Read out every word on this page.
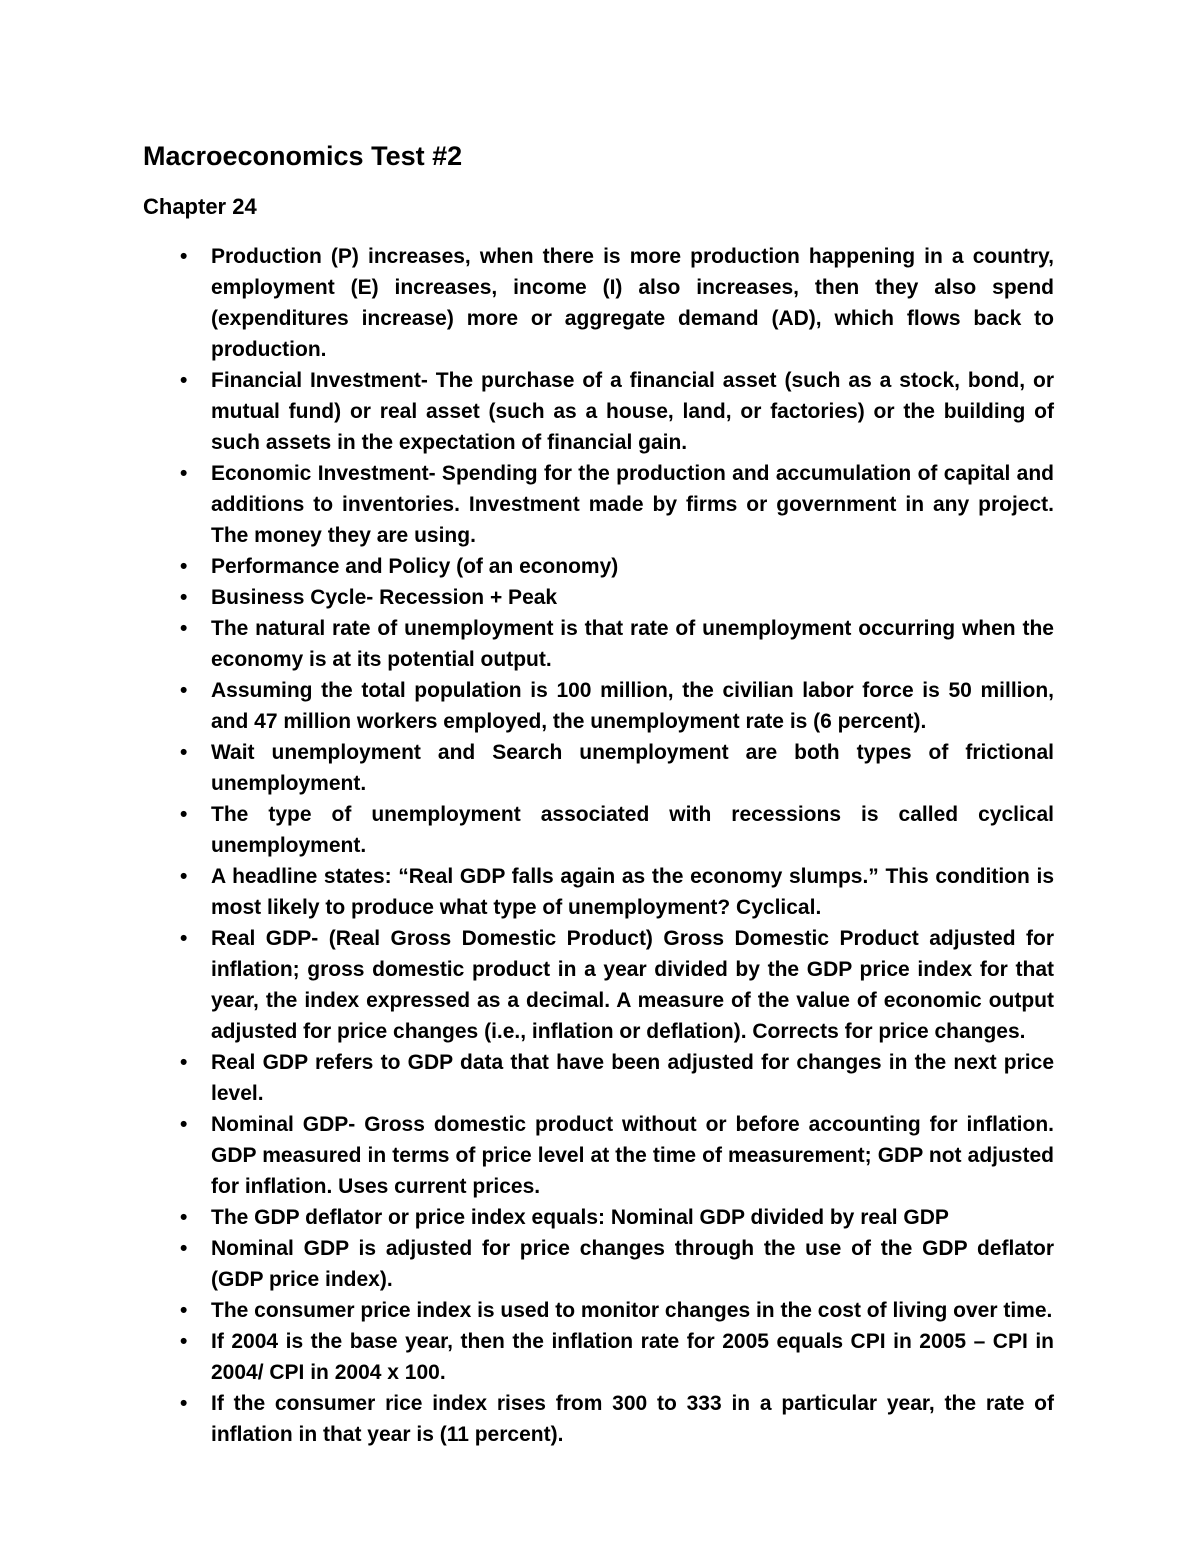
Macroeconomics Test #2
Chapter 24
• Production (P) increases, when there is more production happening in a country, employment (E) increases, income (I) also increases, then they also spend (expenditures increase) more or aggregate demand (AD), which flows back to production.
• Financial Investment- The purchase of a financial asset (such as a stock, bond, or mutual fund) or real asset (such as a house, land, or factories) or the building of such assets in the expectation of financial gain.
• Economic Investment- Spending for the production and accumulation of capital and additions to inventories. Investment made by firms or government in any project. The money they are using.
• Performance and Policy (of an economy)
• Business Cycle- Recession + Peak
• The natural rate of unemployment is that rate of unemployment occurring when the economy is at its potential output.
• Assuming the total population is 100 million, the civilian labor force is 50 million, and 47 million workers employed, the unemployment rate is (6 percent).
• Wait unemployment and Search unemployment are both types of frictional unemployment.
• The type of unemployment associated with recessions is called cyclical unemployment.
• A headline states: “Real GDP falls again as the economy slumps.” This condition is most likely to produce what type of unemployment? Cyclical.
• Real GDP- (Real Gross Domestic Product) Gross Domestic Product adjusted for inflation; gross domestic product in a year divided by the GDP price index for that year, the index expressed as a decimal. A measure of the value of economic output adjusted for price changes (i.e., inflation or deflation). Corrects for price changes.
• Real GDP refers to GDP data that have been adjusted for changes in the next price level.
• Nominal GDP- Gross domestic product without or before accounting for inflation. GDP measured in terms of price level at the time of measurement; GDP not adjusted for inflation. Uses current prices.
• The GDP deflator or price index equals: Nominal GDP divided by real GDP
• Nominal GDP is adjusted for price changes through the use of the GDP deflator (GDP price index).
• The consumer price index is used to monitor changes in the cost of living over time.
• If 2004 is the base year, then the inflation rate for 2005 equals CPI in 2005 – CPI in 2004/ CPI in 2004 x 100.
• If the consumer rice index rises from 300 to 333 in a particular year, the rate of inflation in that year is (11 percent).
